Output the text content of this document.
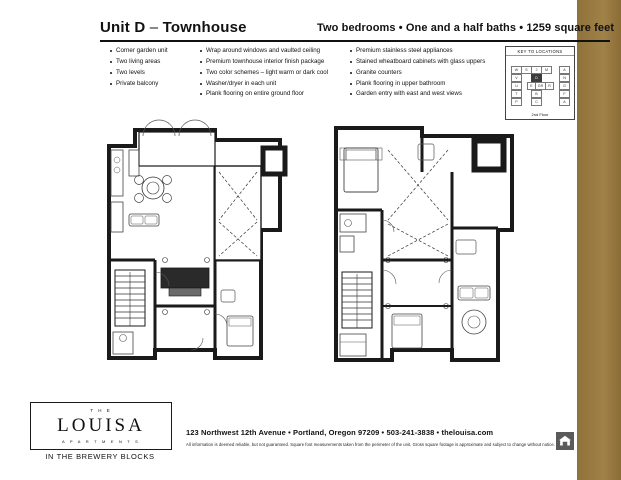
Unit D – Townhouse	Two bedrooms • One and a half baths • 1259 square feet
Corner garden unit
Two living areas
Two levels
Private balcony
Wrap around windows and vaulted ceiling
Premium townhouse interior finish package
Two color schemes – light warm or dark cool
Washer/dryer in each unit
Plank flooring on entire ground floor
Premium stainless steel appliances
Stained wheatboard cabinets with glass uppers
Granite counters
Plank flooring in upper bathroom
Garden entry with east and west views
KEY TO LOCATIONS
W	S	J	M	A
V	D	N
U	E	GR	R	G
T	B	F
P	C	A
2nd Floor
T H E
LOUISA
A P A R T M E N T S
IN THE BREWERY BLOCKS
123 Northwest 12th Avenue • Portland, Oregon 97209 • 503-241-3838 • thelouisa.com
All information is deemed reliable, but not guaranteed. Square foot measurements taken from the perimeter of the unit. Gross square footage is approximate and subject to change without notice.
